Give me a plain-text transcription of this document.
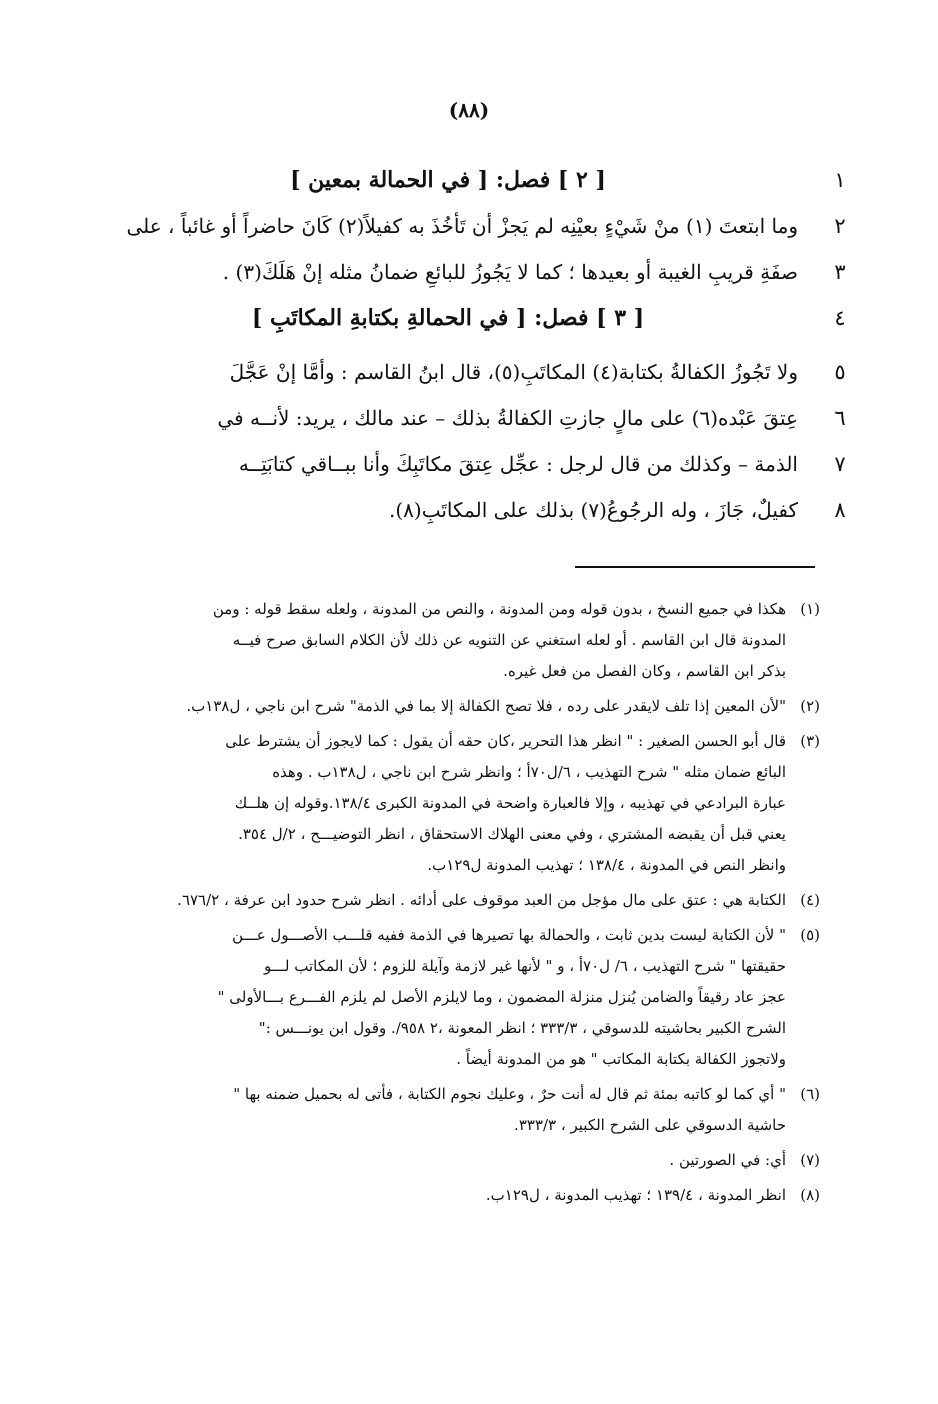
(٨٨)
١
[ ٢ ] فصل: [ في الحمالة بمعين ]
٢
وما ابتعتَ (١) منْ شَيْءٍ بعيْنِه لم يَجزْ أن تَأخُذَ به كفيلاً(٢) كَانَ حاضراً أو غائباً ، على
٣
صفَةِ قريبِ الغيبة أو بعيدها ؛ كما لا يَجُوزُ للبائعِ ضمانُ مثله إنْ هَلَكَ(٣) .
٤
[ ٣ ] فصل: [ في الحمالةِ بكتابةِ المكاتَبِ ]
٥
ولا تَجُوزُ الكفالةُ بكتابة(٤) المكاتَبِ(٥)، قال ابنُ القاسم : وأمَّا إنْ عَجَّلَ
٦
عِتقَ عَبْده(٦) على مالٍ جازتِ الكفالةُ بذلك – عند مالك ، يريد: لأنــه في
٧
الذمة – وكذلك من قال لرجل : عجِّل عِتقَ مكاتَبِكَ وأنا ببــاقي كتابَتِــه
٨
كفيلٌ، جَازَ ، وله الرجُوعُ(٧) بذلك على المكاتَبِ(٨).
(١)
هكذا في جميع النسخ ، بدون قوله ومن المدونة ، والنص من المدونة ، ولعله سقط قوله : ومن
المدونة قال ابن القاسم . أو لعله استغني عن التنويه عن ذلك لأن الكلام السابق صرح فيــه
بذكر ابن القاسم ، وكان الفصل من فعل غيره.
(٢)
"لأن المعين إذا تلف لايقدر على رده ، فلا تصح الكفالة إلا بما في الذمة" شرح ابن ناجي ، ل١٣٨ب.
(٣)
قال أبو الحسن الصغير : " انظر هذا التحرير ،كان حقه أن يقول : كما لايجوز أن يشترط على
البائع ضمان مثله " شرح التهذيب ، ٦/ل٧٠أ ؛ وانظر شرح ابن ناجي ، ل١٣٨ب . وهذه
عبارة البرادعي في تهذيبه ، وإلا فالعبارة واضحة في المدونة الكبرى ١٣٨/٤.وقوله إن هلــك
يعني قبل أن يقبضه المشتري ، وفي معنى الهلاك الاستحقاق ، انظر التوضيـــح ، ٢/ل ٣٥٤.
وانظر النص في المدونة ، ١٣٨/٤ ؛ تهذيب المدونة ل١٢٩ب.
(٤)
الكتابة هي : عتق على مال مؤجل من العبد موقوف على أدائه . انظر شرح حدود ابن عرفة ، ٦٧٦/٢.
(٥)
" لأن الكتابة ليست بدين ثابت ، والحمالة بها تصيرها في الذمة ففيه قلـــب الأصـــول عـــن
حقيقتها " شرح التهذيب ، ٦/ ل٧٠أ ، و " لأنها غير لازمة وآيلة للزوم ؛ لأن المكاتب لـــو
عجز عاد رقيقاً والضامن يُنزل منزلة المضمون ، وما لايلزم الأصل لم يلزم الفـــرع بـــالأولى "
الشرح الكبير بحاشيته للدسوقي ، ٣٣٣/٣ ؛ انظر المعونة ،٢ ٩٥٨/. وقول ابن يونـــس :"
ولاتجوز الكفالة بكتابة المكاتب " هو من المدونة أيضاً .
(٦)
" أي كما لو كاتبه بمئة ثم قال له أنت حرٌ ، وعليك نجوم الكتابة ، فأتى له بحميل ضمنه بها "
حاشية الدسوقي على الشرح الكبير ، ٣٣٣/٣.
(٧)
أي: في الصورتين .
(٨)
انظر المدونة ، ١٣٩/٤ ؛ تهذيب المدونة ، ل١٢٩ب.
